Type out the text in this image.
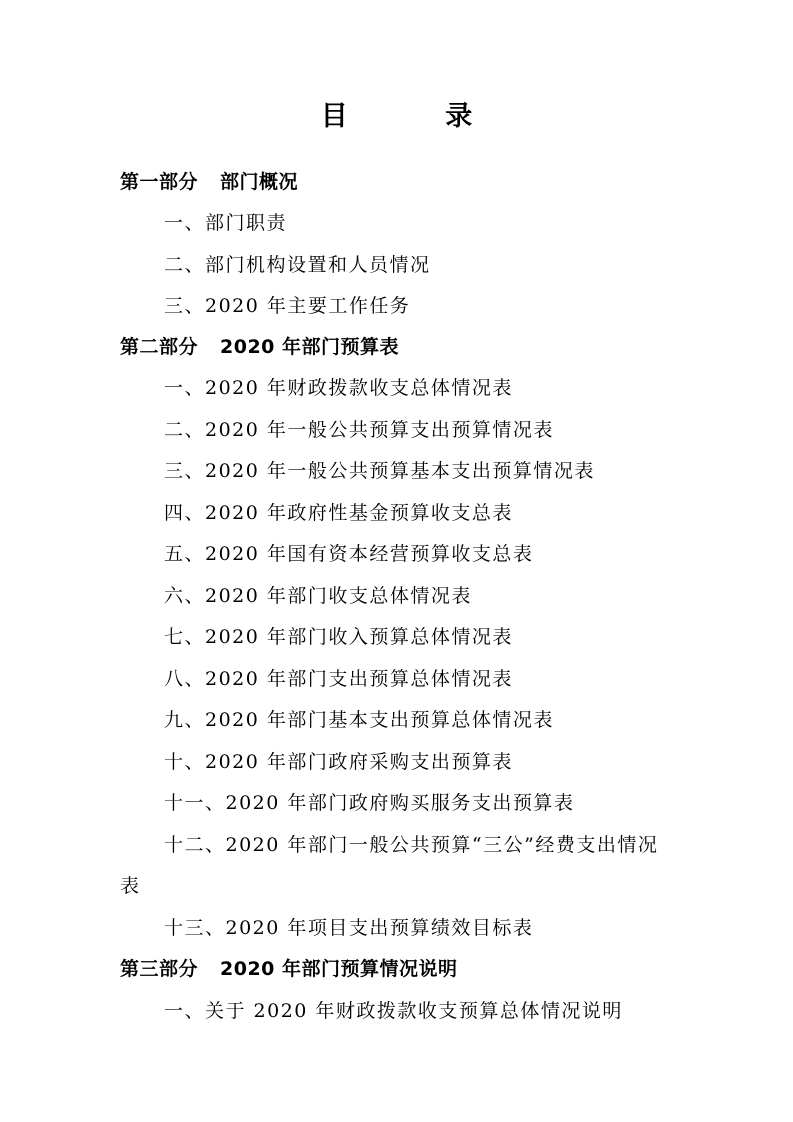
目 录
第一部分 部门概况
一、部门职责
二、部门机构设置和人员情况
三、2020 年主要工作任务
第二部分 2020 年部门预算表
一、2020 年财政拨款收支总体情况表
二、2020 年一般公共预算支出预算情况表
三、2020 年一般公共预算基本支出预算情况表
四、2020 年政府性基金预算收支总表
五、2020 年国有资本经营预算收支总表
六、2020 年部门收支总体情况表
七、2020 年部门收入预算总体情况表
八、2020 年部门支出预算总体情况表
九、2020 年部门基本支出预算总体情况表
十、2020 年部门政府采购支出预算表
十一、2020 年部门政府购买服务支出预算表
十二、2020 年部门一般公共预算“三公”经费支出情况
表
十三、2020 年项目支出预算绩效目标表
第三部分 2020 年部门预算情况说明
一、关于 2020 年财政拨款收支预算总体情况说明
